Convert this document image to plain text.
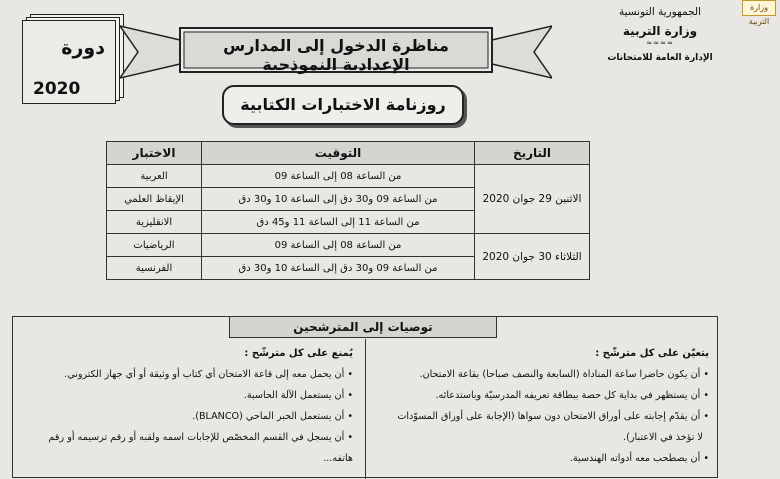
وزارة التربية
الجمهورية التونسية
وزارة التربية
≈≈≈≈
الإدارة العامة للامتحانات
دورة
2020
مناظرة الدخول إلى المدارس الإعدادية النموذجية
روزنامة الاختبارات الكتابية
التاريخ	التوقيت	الاختبار
الاثنين 29 جوان 2020	من الساعة 08 إلى الساعة 09	العربية
	من الساعة 09 و30 دق إلى الساعة 10 و30 دق	الإيقاظ العلمي
	من الساعة 11 إلى الساعة 11 و45 دق	الانقليزية
الثلاثاء 30 جوان 2020	من الساعة 08 إلى الساعة 09	الرياضيات
	من الساعة 09 و30 دق إلى الساعة 10 و30 دق	الفرنسية
توصيات إلى المترشحين
يتعيّن على كل مترشّح :
• أن يكون حاضرا ساعة المناداة (السابعة والنصف صباحا) بقاعة الامتحان.
• أن يستظهر في بداية كل حصة ببطاقة تعريفه المدرسيّة وباستدعائه.
• أن يقدّم إجابته على أوراق الامتحان دون سواها (الإجابة على أوراق المسوّدات
لا تؤخذ في الاعتبار).
• أن يصطحب معه أدواته الهندسية.
يُمنع على كل مترشّح :
• أن يحمل معه إلى قاعة الامتحان أي كتاب أو وثيقة أو أي جهاز الكتروني.
• أن يستعمل الآلة الحاسبة.
• أن يستعمل الحبر الماحي (BLANCO).
• أن يسجل في القسم المخصّص للإجابات اسمه ولقبه أو رقم ترسيمه أو رقم هاتفه...
